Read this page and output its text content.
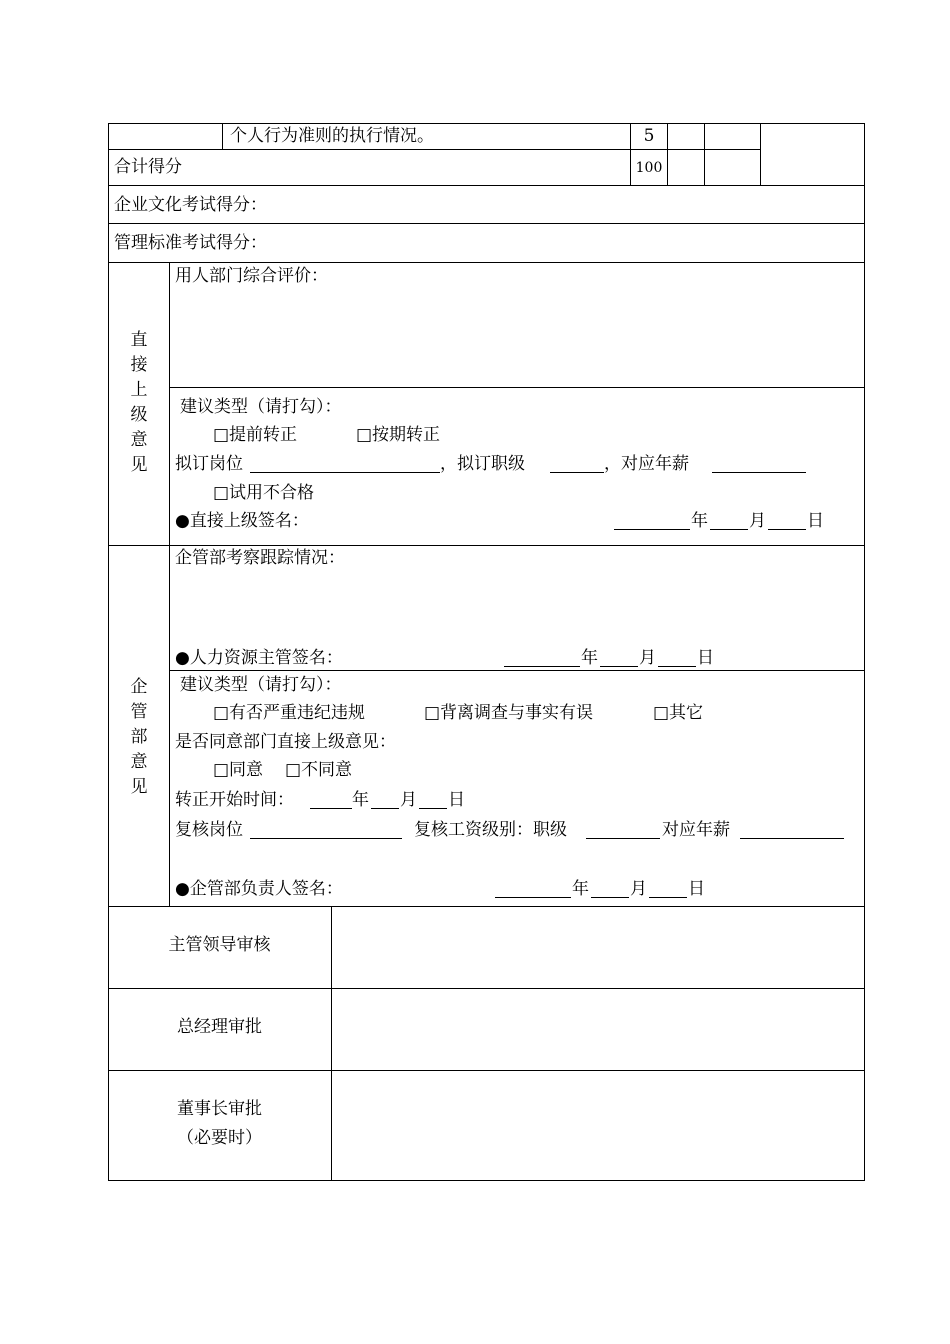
个人行为准则的执行情况。	5
合计得分	100
企业文化考试得分：
管理标准考试得分：
直
接
上
级
意
见
用人部门综合评价：
建议类型（请打勾）：
□提前转正	□按期转正
拟订岗位	，拟订职级	，对应年薪
□试用不合格
●直接上级签名：	年 月 日
企
管
部
意
见
企管部考察跟踪情况：
●人力资源主管签名：	年 月 日
建议类型（请打勾）：
□有否严重违纪违规	□背离调查与事实有误	□其它
是否同意部门直接上级意见：
□同意 □不同意
转正开始时间：	年 月 日
复核岗位	复核工资级别：职级	对应年薪
●企管部负责人签名：	年 月 日
主管领导审核
总经理审批
董事长审批
（必要时）
